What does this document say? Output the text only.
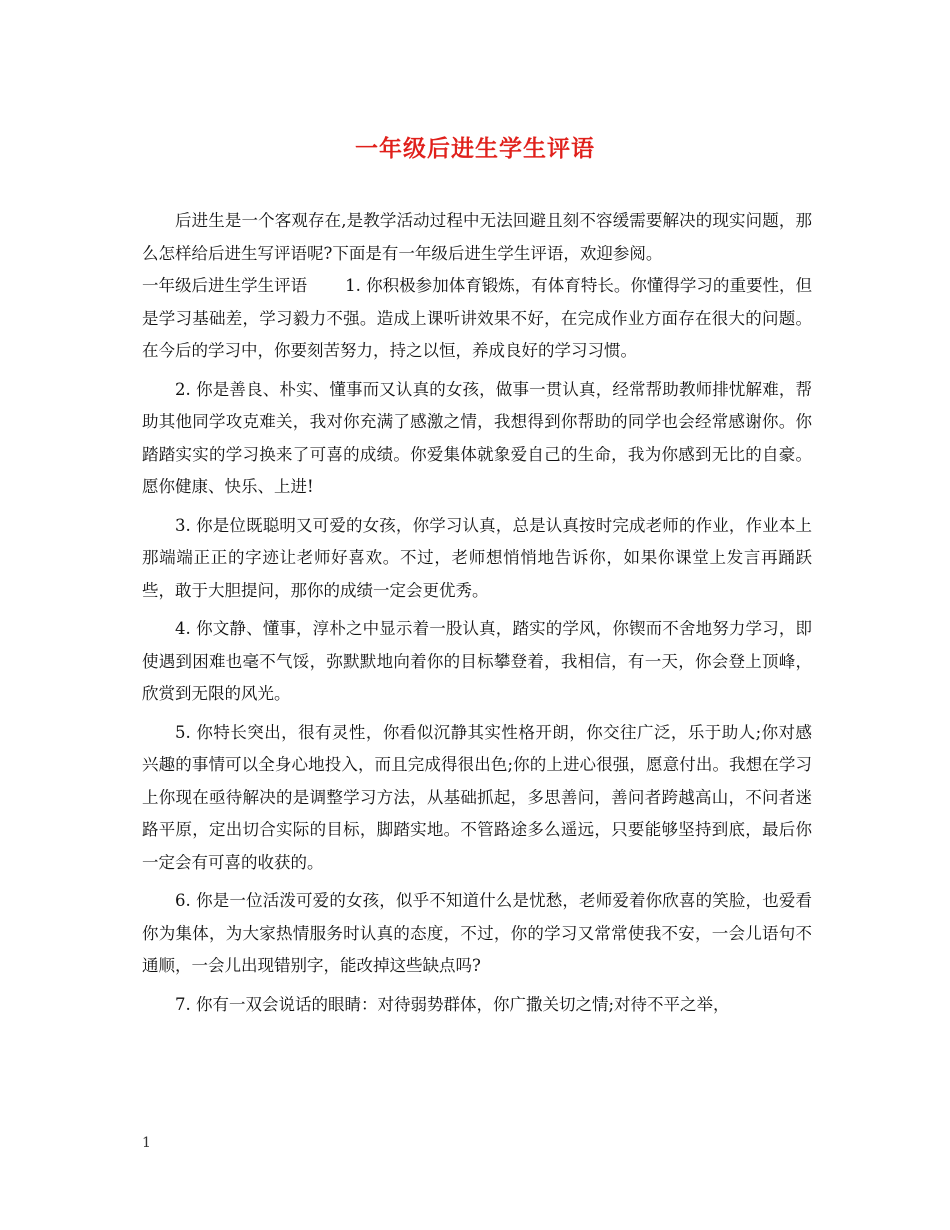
一年级后进生学生评语

后进生是一个客观存在,是教学活动过程中无法回避且刻不容缓需要解决的现实问题，那么怎样给后进生写评语呢?下面是有一年级后进生学生评语，欢迎参阅。

一年级后进生学生评语 1. 你积极参加体育锻炼，有体育特长。你懂得学习的重要性，但是学习基础差，学习毅力不强。造成上课听讲效果不好，在完成作业方面存在很大的问题。在今后的学习中，你要刻苦努力，持之以恒，养成良好的学习习惯。

2. 你是善良、朴实、懂事而又认真的女孩，做事一贯认真，经常帮助教师排忧解难，帮助其他同学攻克难关，我对你充满了感激之情，我想得到你帮助的同学也会经常感谢你。你踏踏实实的学习换来了可喜的成绩。你爱集体就象爱自己的生命，我为你感到无比的自豪。愿你健康、快乐、上进!

3. 你是位既聪明又可爱的女孩，你学习认真，总是认真按时完成老师的作业，作业本上那端端正正的字迹让老师好喜欢。不过，老师想悄悄地告诉你，如果你课堂上发言再踊跃些，敢于大胆提问，那你的成绩一定会更优秀。

4. 你文静、懂事，淳朴之中显示着一股认真，踏实的学风，你锲而不舍地努力学习，即使遇到困难也毫不气馁，弥默默地向着你的目标攀登着，我相信，有一天，你会登上顶峰，欣赏到无限的风光。

5. 你特长突出，很有灵性，你看似沉静其实性格开朗，你交往广泛，乐于助人;你对感兴趣的事情可以全身心地投入，而且完成得很出色;你的上进心很强，愿意付出。我想在学习上你现在亟待解决的是调整学习方法，从基础抓起，多思善问，善问者跨越高山，不问者迷路平原，定出切合实际的目标，脚踏实地。不管路途多么遥远，只要能够坚持到底，最后你一定会有可喜的收获的。

6. 你是一位活泼可爱的女孩，似乎不知道什么是忧愁，老师爱着你欣喜的笑脸，也爱看你为集体，为大家热情服务时认真的态度，不过，你的学习又常常使我不安，一会儿语句不通顺，一会儿出现错别字，能改掉这些缺点吗?

7. 你有一双会说话的眼睛：对待弱势群体，你广撒关切之情;对待不平之举，

1
